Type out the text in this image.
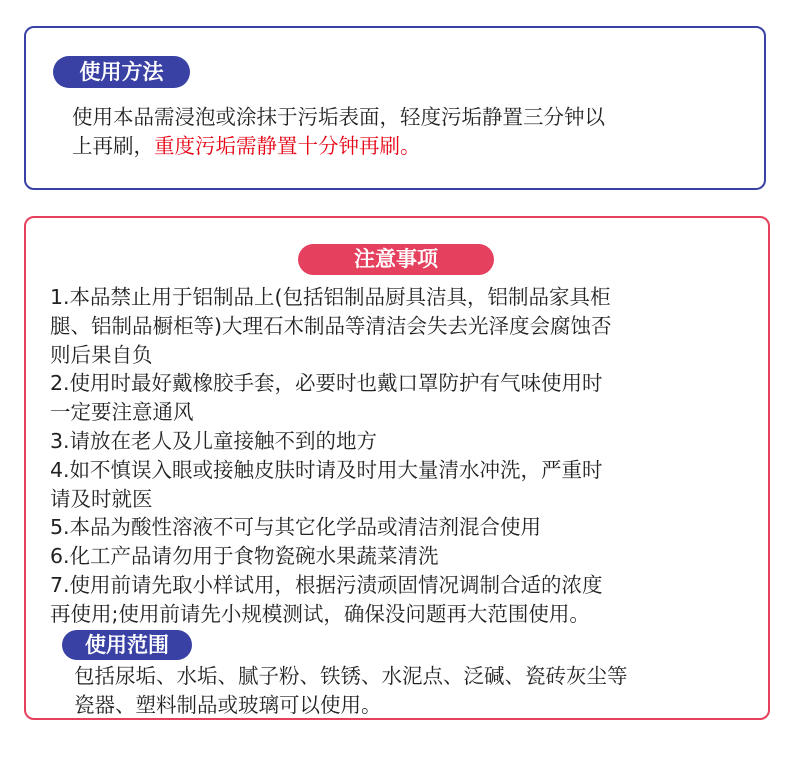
使用方法
使用本品需浸泡或涂抹于污垢表面，轻度污垢静置三分钟以
上再刷，重度污垢需静置十分钟再刷。
注意事项
1.本品禁止用于铝制品上(包括铝制品厨具洁具，铝制品家具柜
腿、铝制品橱柜等)大理石木制品等清洁会失去光泽度会腐蚀否
则后果自负
2.使用时最好戴橡胶手套，必要时也戴口罩防护有气味使用时
一定要注意通风
3.请放在老人及儿童接触不到的地方
4.如不慎误入眼或接触皮肤时请及时用大量清水冲洗，严重时
请及时就医
5.本品为酸性溶液不可与其它化学品或清洁剂混合使用
6.化工产品请勿用于食物瓷碗水果蔬菜清洗
7.使用前请先取小样试用，根据污渍顽固情况调制合适的浓度
再使用;使用前请先小规模测试，确保没问题再大范围使用。
使用范围
包括尿垢、水垢、腻子粉、铁锈、水泥点、泛碱、瓷砖灰尘等
瓷器、塑料制品或玻璃可以使用。
